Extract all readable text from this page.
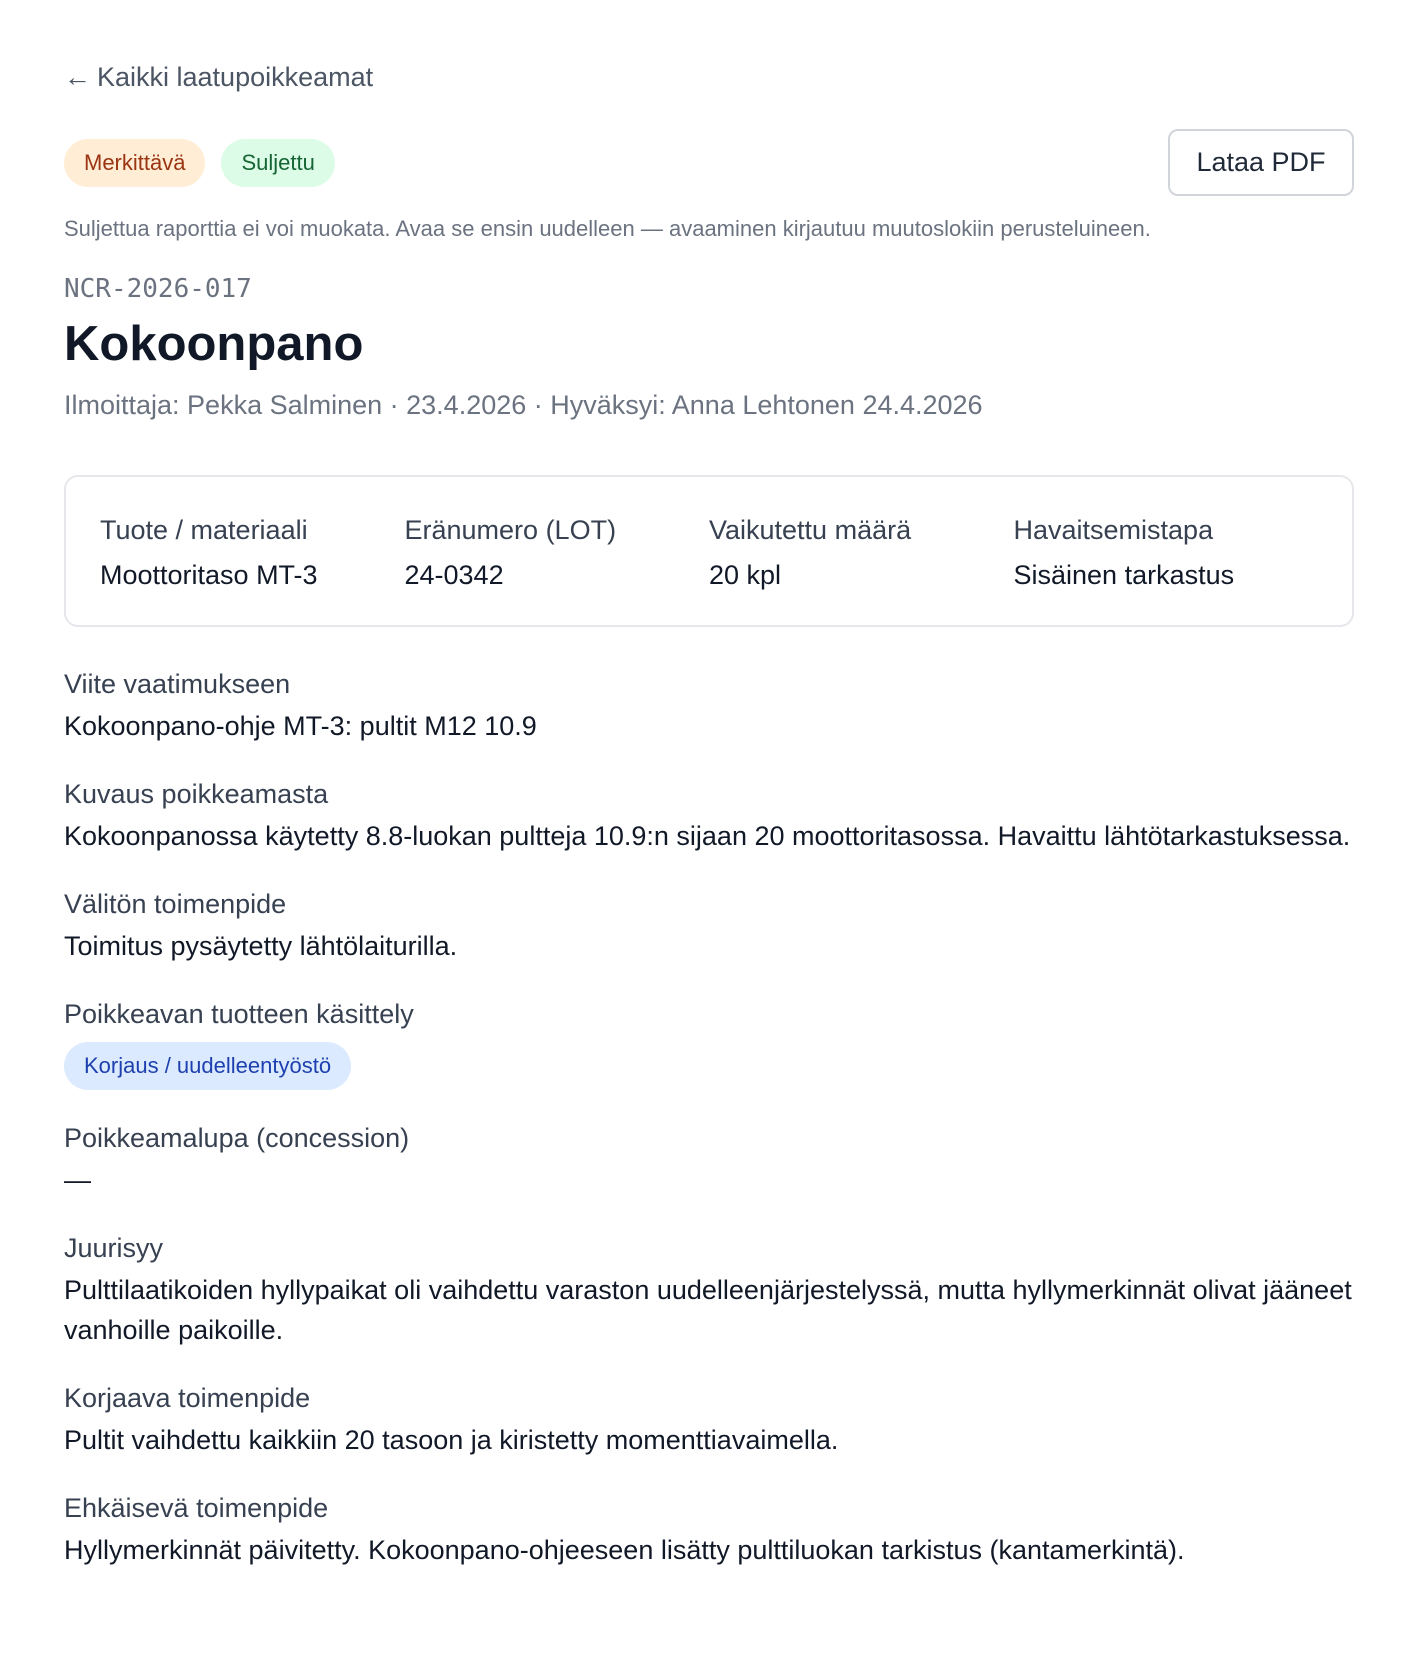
← Kaikki laatupoikkeamat
Merkittävä	Suljettu	Lataa PDF

Suljettua raporttia ei voi muokata. Avaa se ensin uudelleen — avaaminen kirjautuu muutoslokiin perusteluineen.

NCR-2026-017
Kokoonpano
Ilmoittaja: Pekka Salminen · 23.4.2026 · Hyväksyi: Anna Lehtonen 24.4.2026
Tuote / materiaali
Moottoritaso MT-3
Eränumero (LOT)
24-0342
Vaikutettu määrä
20 kpl
Havaitsemistapa
Sisäinen tarkastus
Viite vaatimukseen
Kokoonpano-ohje MT-3: pultit M12 10.9
Kuvaus poikkeamasta
Kokoonpanossa käytetty 8.8-luokan pultteja 10.9:n sijaan 20 moottoritasossa. Havaittu lähtötarkastuksessa.
Välitön toimenpide
Toimitus pysäytetty lähtölaiturilla.
Poikkeavan tuotteen käsittely
Korjaus / uudelleentyöstö
Poikkeamalupa (concession)
—
Juurisyy
Pulttilaatikoiden hyllypaikat oli vaihdettu varaston uudelleenjärjestelyssä, mutta hyllymerkinnät olivat jääneet vanhoille paikoille.
Korjaava toimenpide
Pultit vaihdettu kaikkiin 20 tasoon ja kiristetty momenttiavaimella.
Ehkäisevä toimenpide
Hyllymerkinnät päivitetty. Kokoonpano-ohjeeseen lisätty pulttiluokan tarkistus (kantamerkintä).
